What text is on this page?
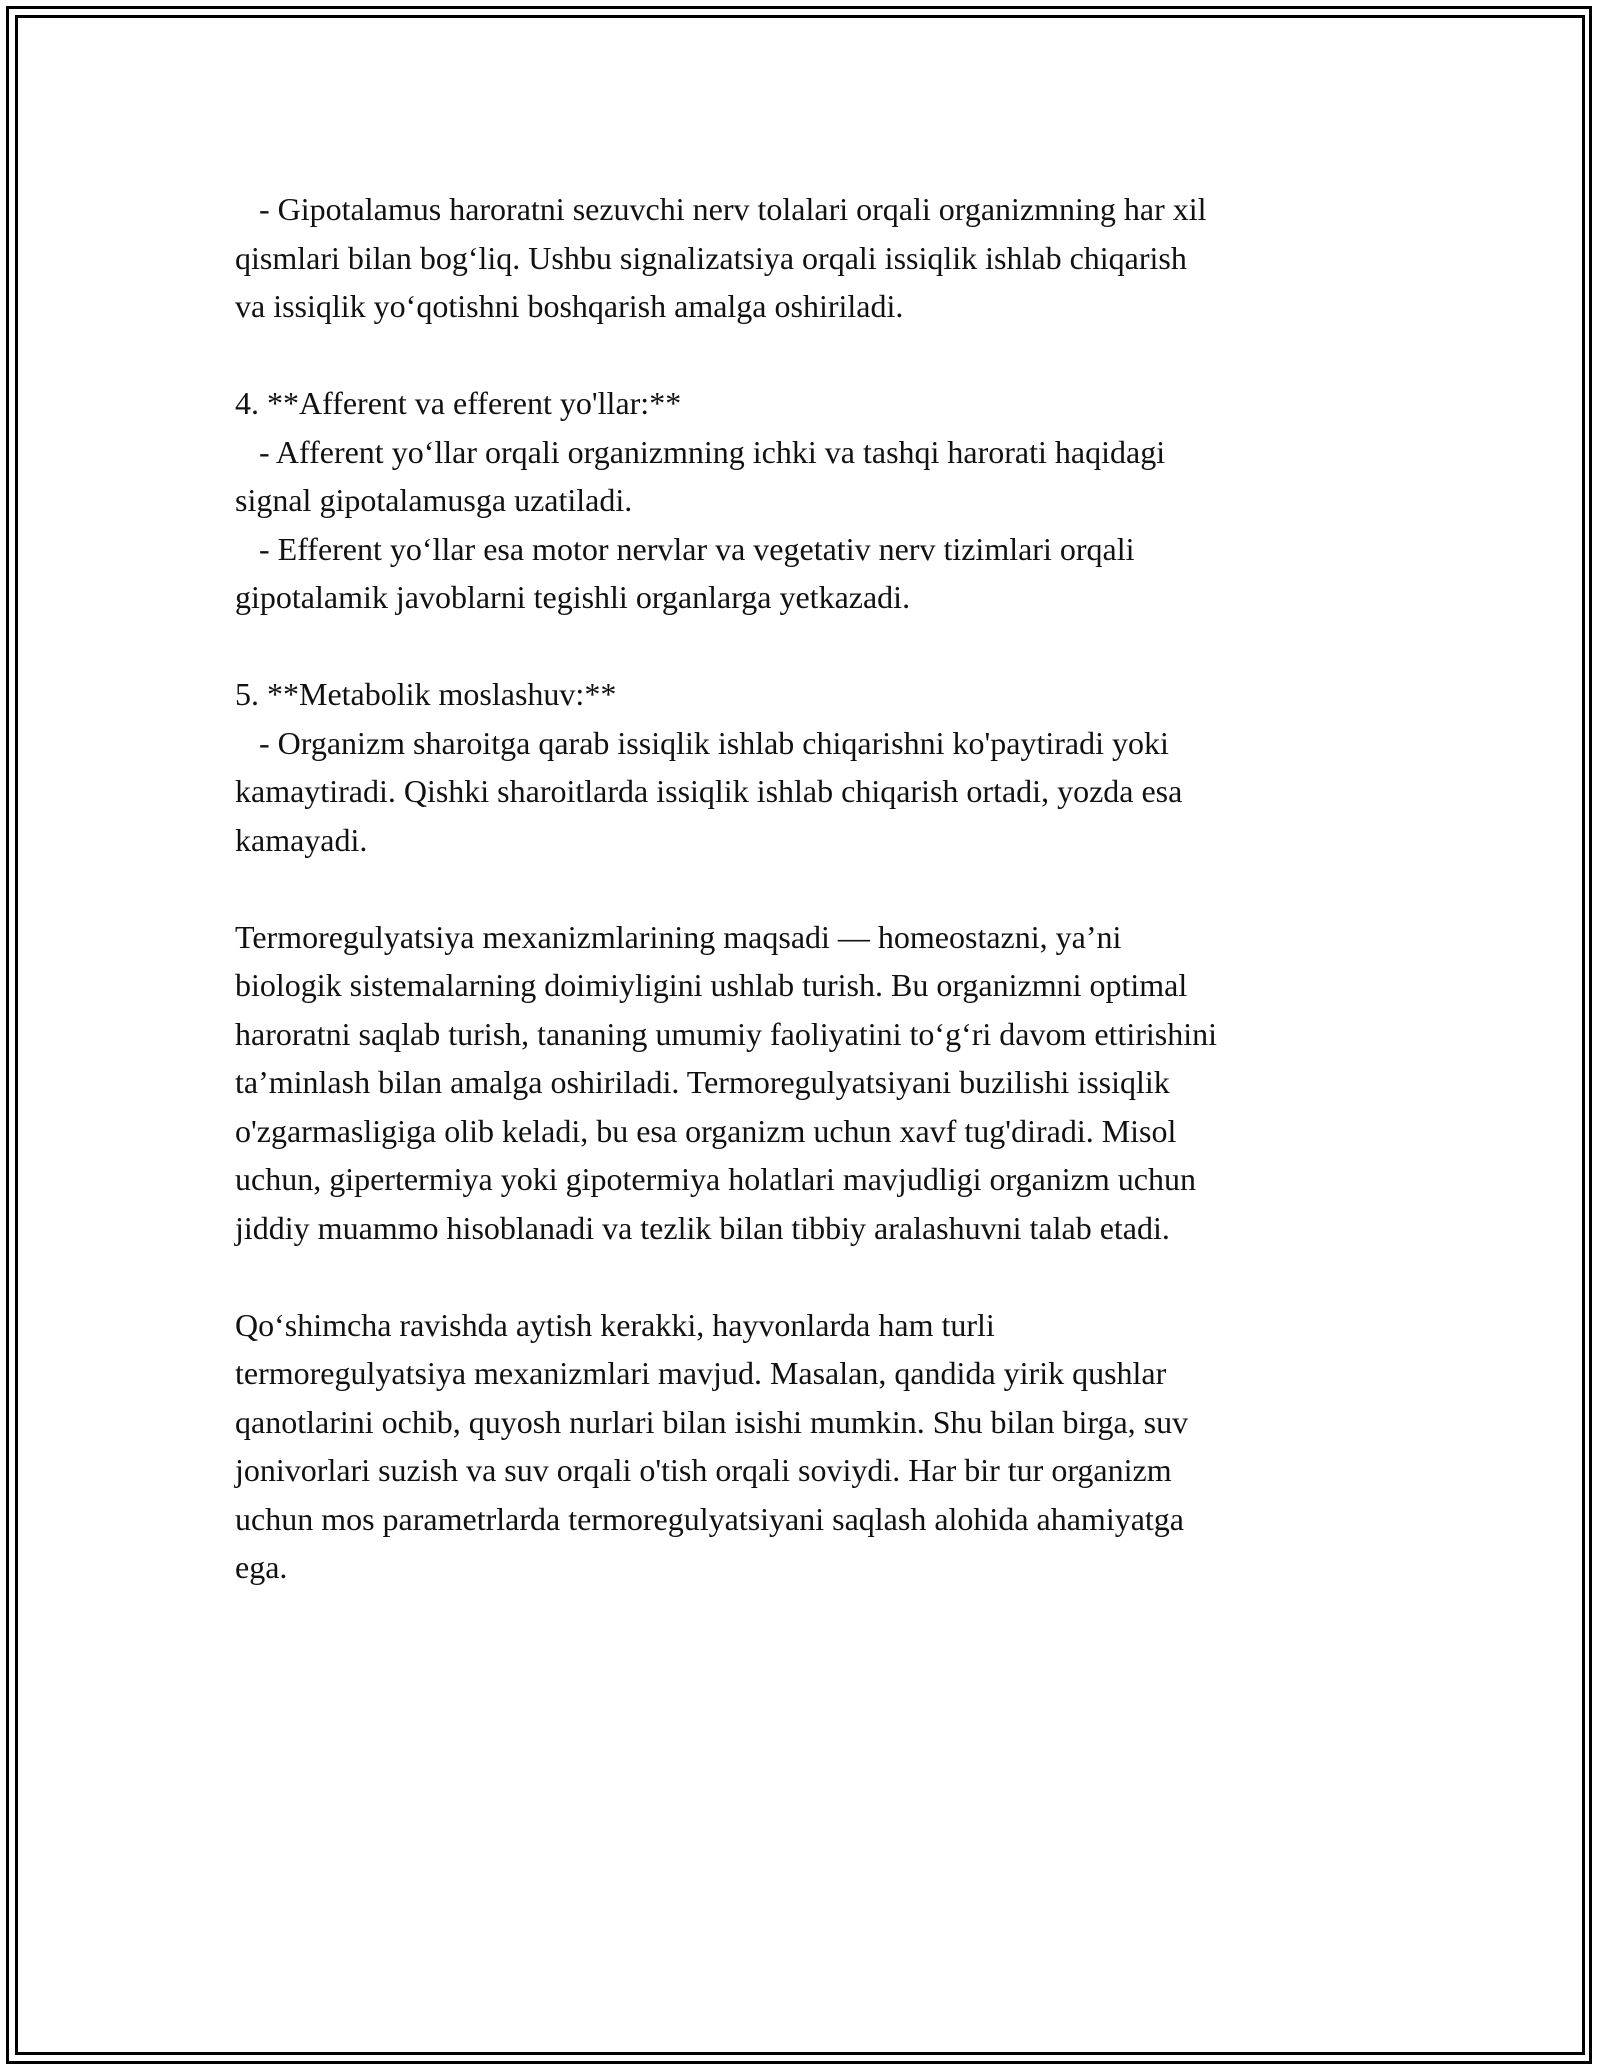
- Gipotalamus haroratni sezuvchi nerv tolalari orqali organizmning har xil
qismlari bilan bog‘liq. Ushbu signalizatsiya orqali issiqlik ishlab chiqarish
va issiqlik yo‘qotishni boshqarish amalga oshiriladi.
4. **Afferent va efferent yo'llar:**
- Afferent yo‘llar orqali organizmning ichki va tashqi harorati haqidagi
signal gipotalamusga uzatiladi.
- Efferent yo‘llar esa motor nervlar va vegetativ nerv tizimlari orqali
gipotalamik javoblarni tegishli organlarga yetkazadi.
5. **Metabolik moslashuv:**
- Organizm sharoitga qarab issiqlik ishlab chiqarishni ko'paytiradi yoki
kamaytiradi. Qishki sharoitlarda issiqlik ishlab chiqarish ortadi, yozda esa
kamayadi.
Termoregulyatsiya mexanizmlarining maqsadi — homeostazni, ya’ni
biologik sistemalarning doimiyligini ushlab turish. Bu organizmni optimal
haroratni saqlab turish, tananing umumiy faoliyatini to‘g‘ri davom ettirishini
ta’minlash bilan amalga oshiriladi. Termoregulyatsiyani buzilishi issiqlik
o'zgarmasligiga olib keladi, bu esa organizm uchun xavf tug'diradi. Misol
uchun, gipertermiya yoki gipotermiya holatlari mavjudligi organizm uchun
jiddiy muammo hisoblanadi va tezlik bilan tibbiy aralashuvni talab etadi.
Qo‘shimcha ravishda aytish kerakki, hayvonlarda ham turli
termoregulyatsiya mexanizmlari mavjud. Masalan, qandida yirik qushlar
qanotlarini ochib, quyosh nurlari bilan isishi mumkin. Shu bilan birga, suv
jonivorlari suzish va suv orqali o'tish orqali soviydi. Har bir tur organizm
uchun mos parametrlarda termoregulyatsiyani saqlash alohida ahamiyatga
ega.
